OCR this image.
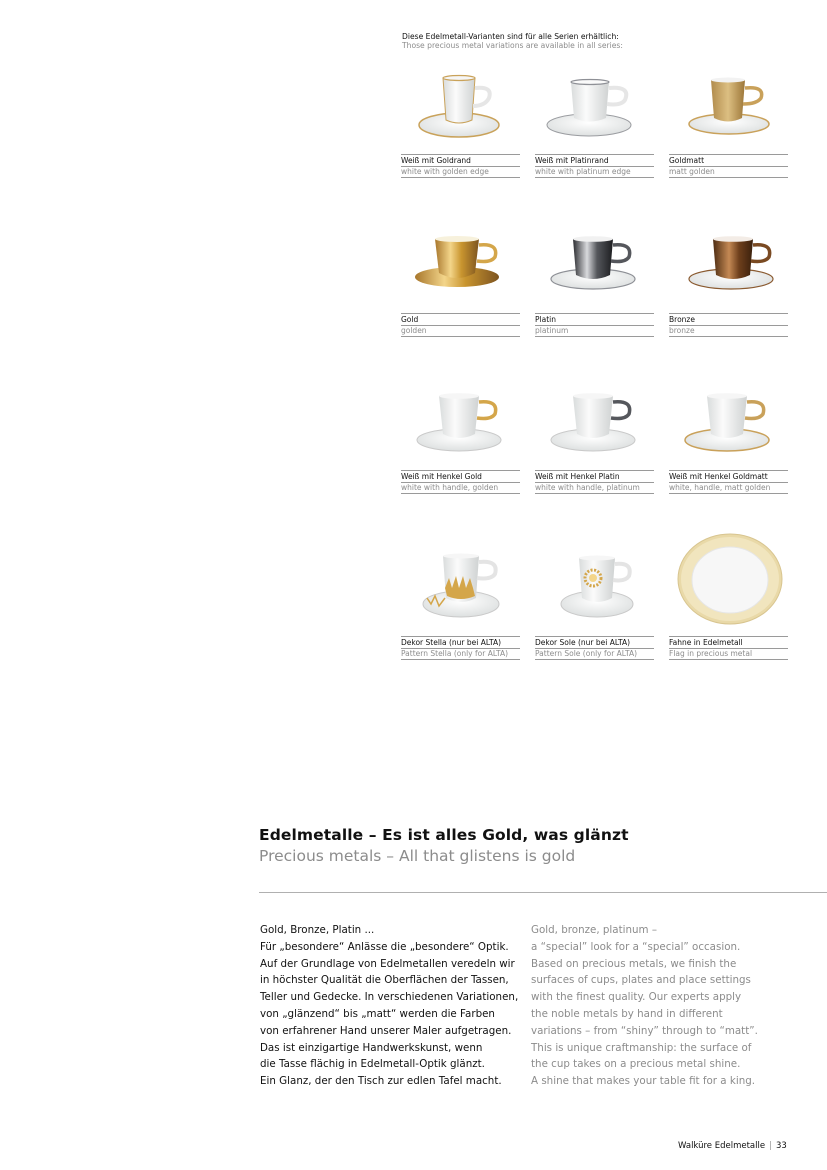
Diese Edelmetall-Varianten sind für alle Serien erhältlich:
Those precious metal variations are available in all series:
Weiß mit Goldrand
white with golden edge
Weiß mit Platinrand
white with platinum edge
Goldmatt
matt golden
Gold
golden
Platin
platinum
Bronze
bronze
Weiß mit Henkel Gold
white with handle, golden
Weiß mit Henkel Platin
white with handle, platinum
Weiß mit Henkel Goldmatt
white, handle, matt golden
Dekor Stella (nur bei ALTA)
Pattern Stella (only for ALTA)
Dekor Sole (nur bei ALTA)
Pattern Sole (only for ALTA)
Fahne in Edelmetall
Flag in precious metal
Edelmetalle – Es ist alles Gold, was glänzt
Precious metals – All that glistens is gold
Gold, Bronze, Platin ...
Für „besondere“ Anlässe die „besondere“ Optik.
Auf der Grundlage von Edelmetallen veredeln wir
in höchster Qualität die Oberflächen der Tassen,
Teller und Gedecke. In verschiedenen Variationen,
von „glänzend“ bis „matt“ werden die Farben
von erfahrener Hand unserer Maler aufgetragen.
Das ist einzigartige Handwerkskunst, wenn
die Tasse flächig in Edelmetall-Optik glänzt.
Ein Glanz, der den Tisch zur edlen Tafel macht.
Gold, bronze, platinum –
a “special” look for a “special” occasion.
Based on precious metals, we finish the
surfaces of cups, plates and place settings
with the finest quality. Our experts apply
the noble metals by hand in different
variations – from “shiny” through to “matt”.
This is unique craftmanship: the surface of
the cup takes on a precious metal shine.
A shine that makes your table fit for a king.
Walküre Edelmetalle | 33
